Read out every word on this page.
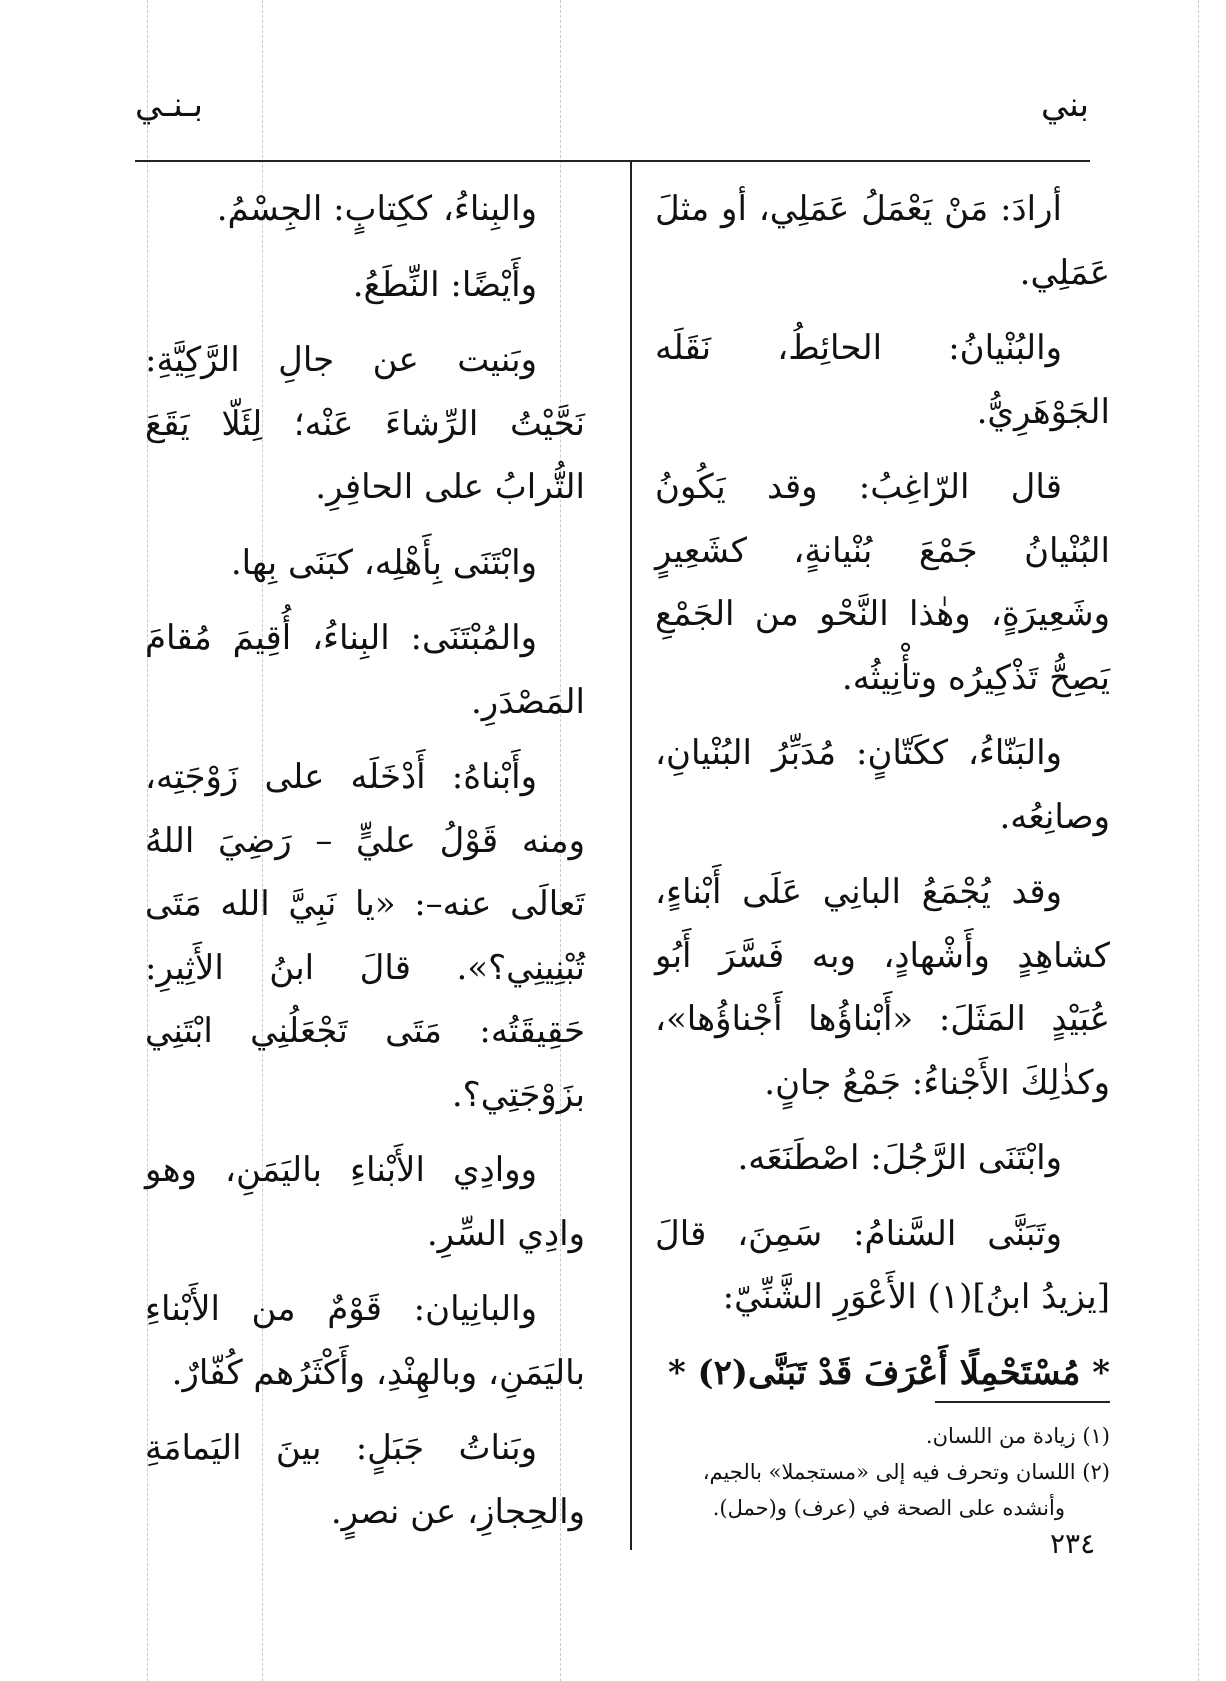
بني
بـنـي

أرادَ: مَنْ يَعْمَلُ عَمَلِي، أو مثلَ عَمَلِي.

والبُنْيانُ: الحائِطُ، نَقَلَه الجَوْهَرِيُّ.

قال الرّاغِبُ: وقد يَكُونُ البُنْيانُ جَمْعَ بُنْيانةٍ، كشَعِيرٍ وشَعِيرَةٍ، وهٰذا النَّحْو من الجَمْعِ يَصِحُّ تَذْكِيرُه وتأْنِيثُه.

والبَنّاءُ، ككَتّانٍ: مُدَبِّرُ البُنْيانِ، وصانِعُه.

وقد يُجْمَعُ البانِي عَلَى أَبْناءٍ، كشاهِدٍ وأَشْهادٍ، وبه فَسَّرَ أَبُو عُبَيْدٍ المَثَلَ: «أَبْناؤُها أَجْناؤُها»، وكذٰلِكَ الأَجْناءُ: جَمْعُ جانٍ.

وابْتَنَى الرَّجُلَ: اصْطَنَعَه.

وتَبَنَّى السَّنامُ: سَمِنَ، قالَ [يزيدُ ابنُ](١) الأَعْوَرِ الشَّنِّيّ:

* مُسْتَحْمِلًا أَعْرَفَ قَدْ تَبَنَّى(٢) *

والبِناءُ، ككِتابٍ: الجِسْمُ.

وأَيْضًا: النِّطَعُ.

وبَنيت عن جالِ الرَّكِيَّةِ: نَحَّيْتُ الرِّشاءَ عَنْه؛ لِئَلّا يَقَعَ التُّرابُ على الحافِرِ.

وابْتَنَى بِأَهْلِه، كبَنَى بِها.

والمُبْتَنَى: البِناءُ، أُقِيمَ مُقامَ المَصْدَرِ.

وأَبْناهُ: أَدْخَلَه على زَوْجَتِه، ومنه قَوْلُ عليٍّ – رَضِيَ اللهُ تَعالَى عنه–: «يا نَبِيَّ الله مَتَى تُبْنِينِي؟». قالَ ابنُ الأَثِيرِ: حَقِيقَتُه: مَتَى تَجْعَلُنِي ابْتَنِي بزَوْجَتِي؟.

ووادِي الأَبْناءِ باليَمَنِ، وهو وادِي السِّرِ.

والبانِيان: قَوْمٌ من الأَبْناءِ باليَمَنِ، وبالهِنْدِ، وأَكْثَرُهم كُفّارٌ.

وبَناتُ جَبَلٍ: بينَ اليَمامَةِ والحِجازِ، عن نصرٍ.

(١) زيادة من اللسان.

(٢) اللسان وتحرف فيه إلى «مستجملا» بالجيم،

وأنشده على الصحة في (عرف) و(حمل).

٢٣٤
